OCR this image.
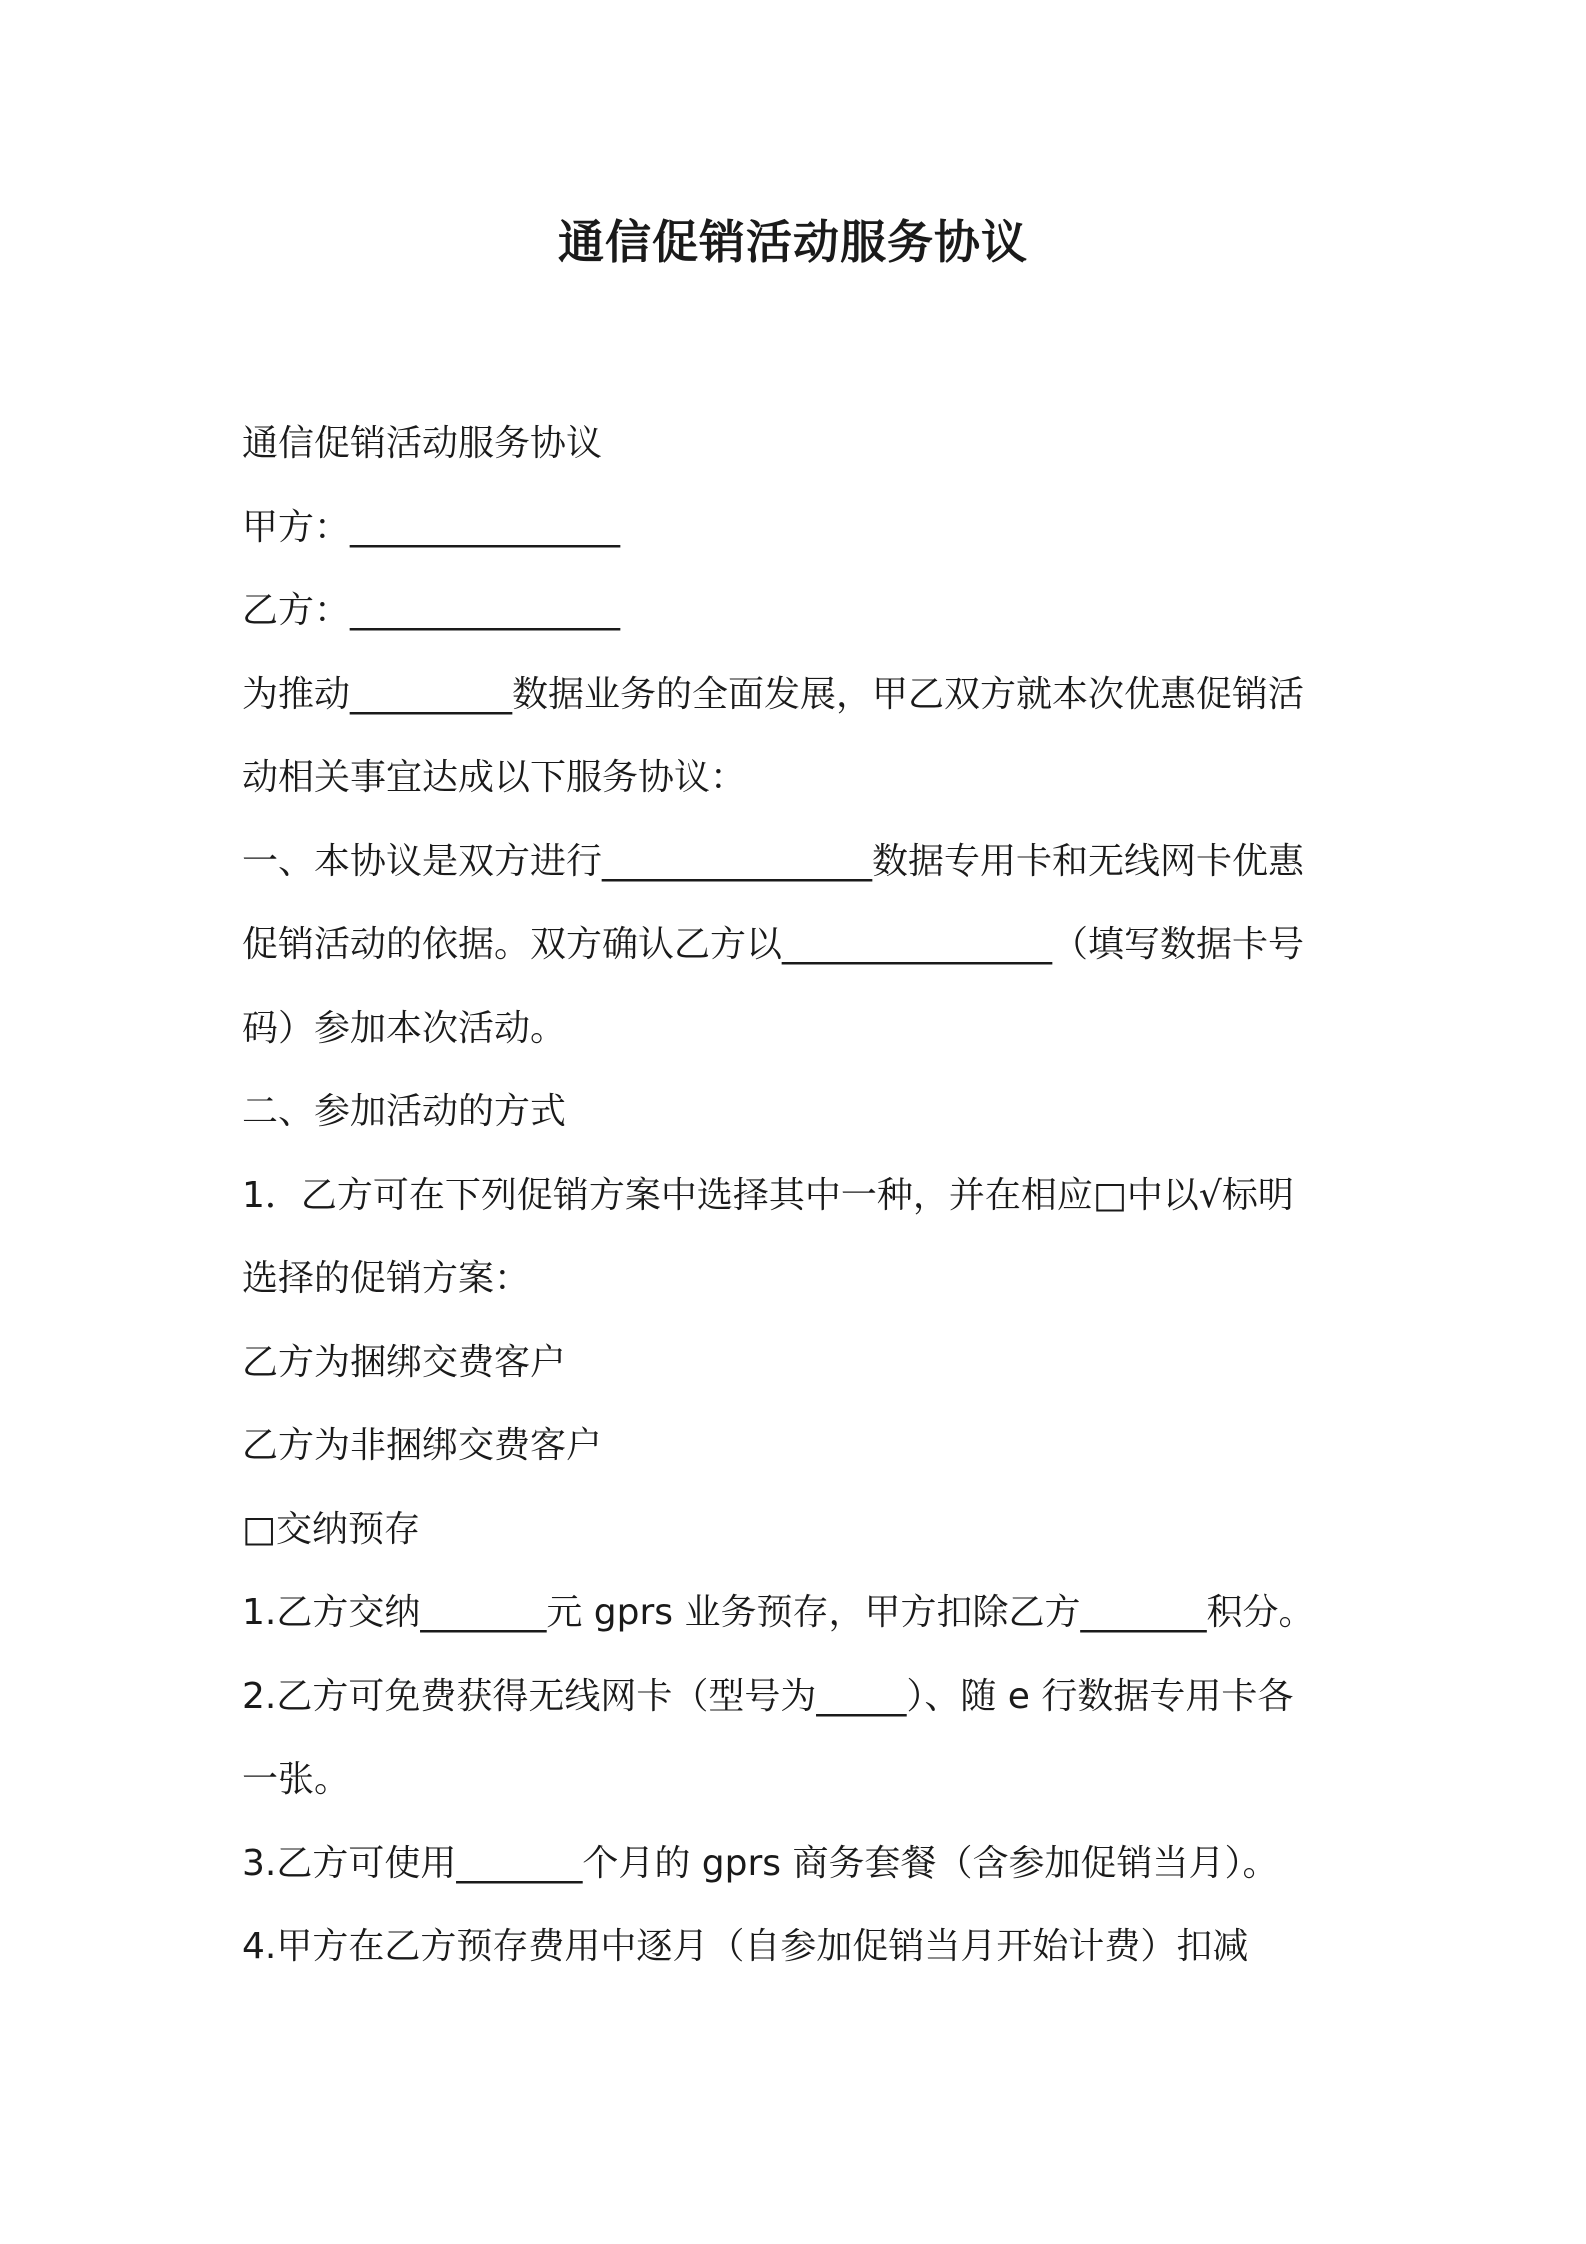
通信促销活动服务协议

通信促销活动服务协议

甲方：_______________

乙方：_______________

为推动_________数据业务的全面发展，甲乙双方就本次优惠促销活

动相关事宜达成以下服务协议：

一、本协议是双方进行_______________数据专用卡和无线网卡优惠

促销活动的依据。双方确认乙方以_______________（填写数据卡号

码）参加本次活动。

二、参加活动的方式

1．乙方可在下列促销方案中选择其中一种，并在相应□中以√标明

选择的促销方案：

乙方为捆绑交费客户

乙方为非捆绑交费客户

□交纳预存

1.乙方交纳_______元 gprs 业务预存，甲方扣除乙方_______积分。

2.乙方可免费获得无线网卡（型号为_____）、随 e 行数据专用卡各

一张。

3.乙方可使用_______个月的 gprs 商务套餐（含参加促销当月）。

4.甲方在乙方预存费用中逐月（自参加促销当月开始计费）扣减
